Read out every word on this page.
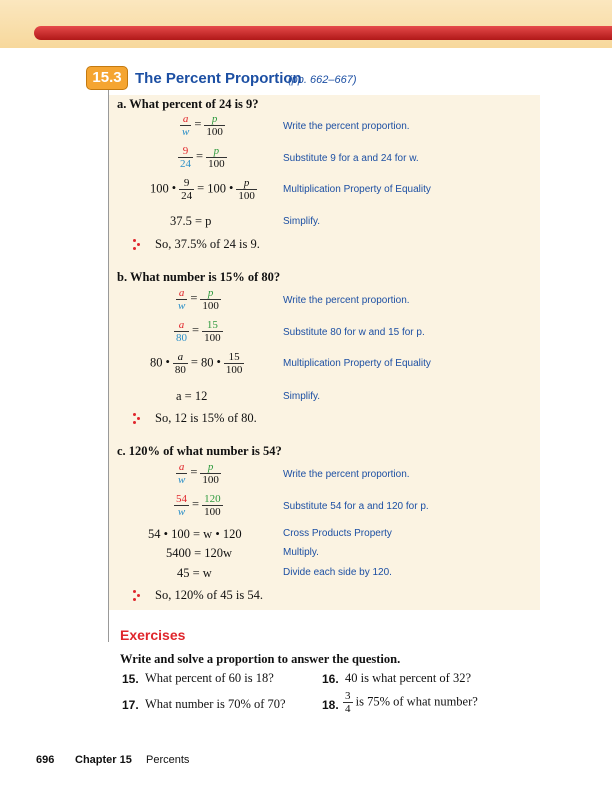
15.3 The Percent Proportion
(pp. 662–667)
a. What percent of 24 is 9?
$\frac{a}{w} = \frac{p}{100}$	Write the percent proportion.
$\frac{9}{24} = \frac{p}{100}$	Substitute 9 for a and 24 for w.
100 • $\frac{9}{24} = 100$ • $\frac{p}{100}$	Multiplication Property of Equality
37.5 = p	Simplify.
So, 37.5% of 24 is 9.
b. What number is 15% of 80?
$\frac{a}{w} = \frac{p}{100}$	Write the percent proportion.
$\frac{a}{80} = \frac{15}{100}$	Substitute 80 for w and 15 for p.
80 • $\frac{a}{80} = 80$ • $\frac{15}{100}$	Multiplication Property of Equality
a = 12	Simplify.
So, 12 is 15% of 80.
c. 120% of what number is 54?
$\frac{a}{w} = \frac{p}{100}$	Write the percent proportion.
$\frac{54}{w} = \frac{120}{100}$	Substitute 54 for a and 120 for p.
54 • 100 = w • 120	Cross Products Property
5400 = 120w	Multiply.
45 = w	Divide each side by 120.
So, 120% of 45 is 54.
Exercises
Write and solve a proportion to answer the question.
15. What percent of 60 is 18?	16. 40 is what percent of 32?
17. What number is 70% of 70?	18. $\frac{3}{4}$ is 75% of what number?
696 Chapter 15 Percents
